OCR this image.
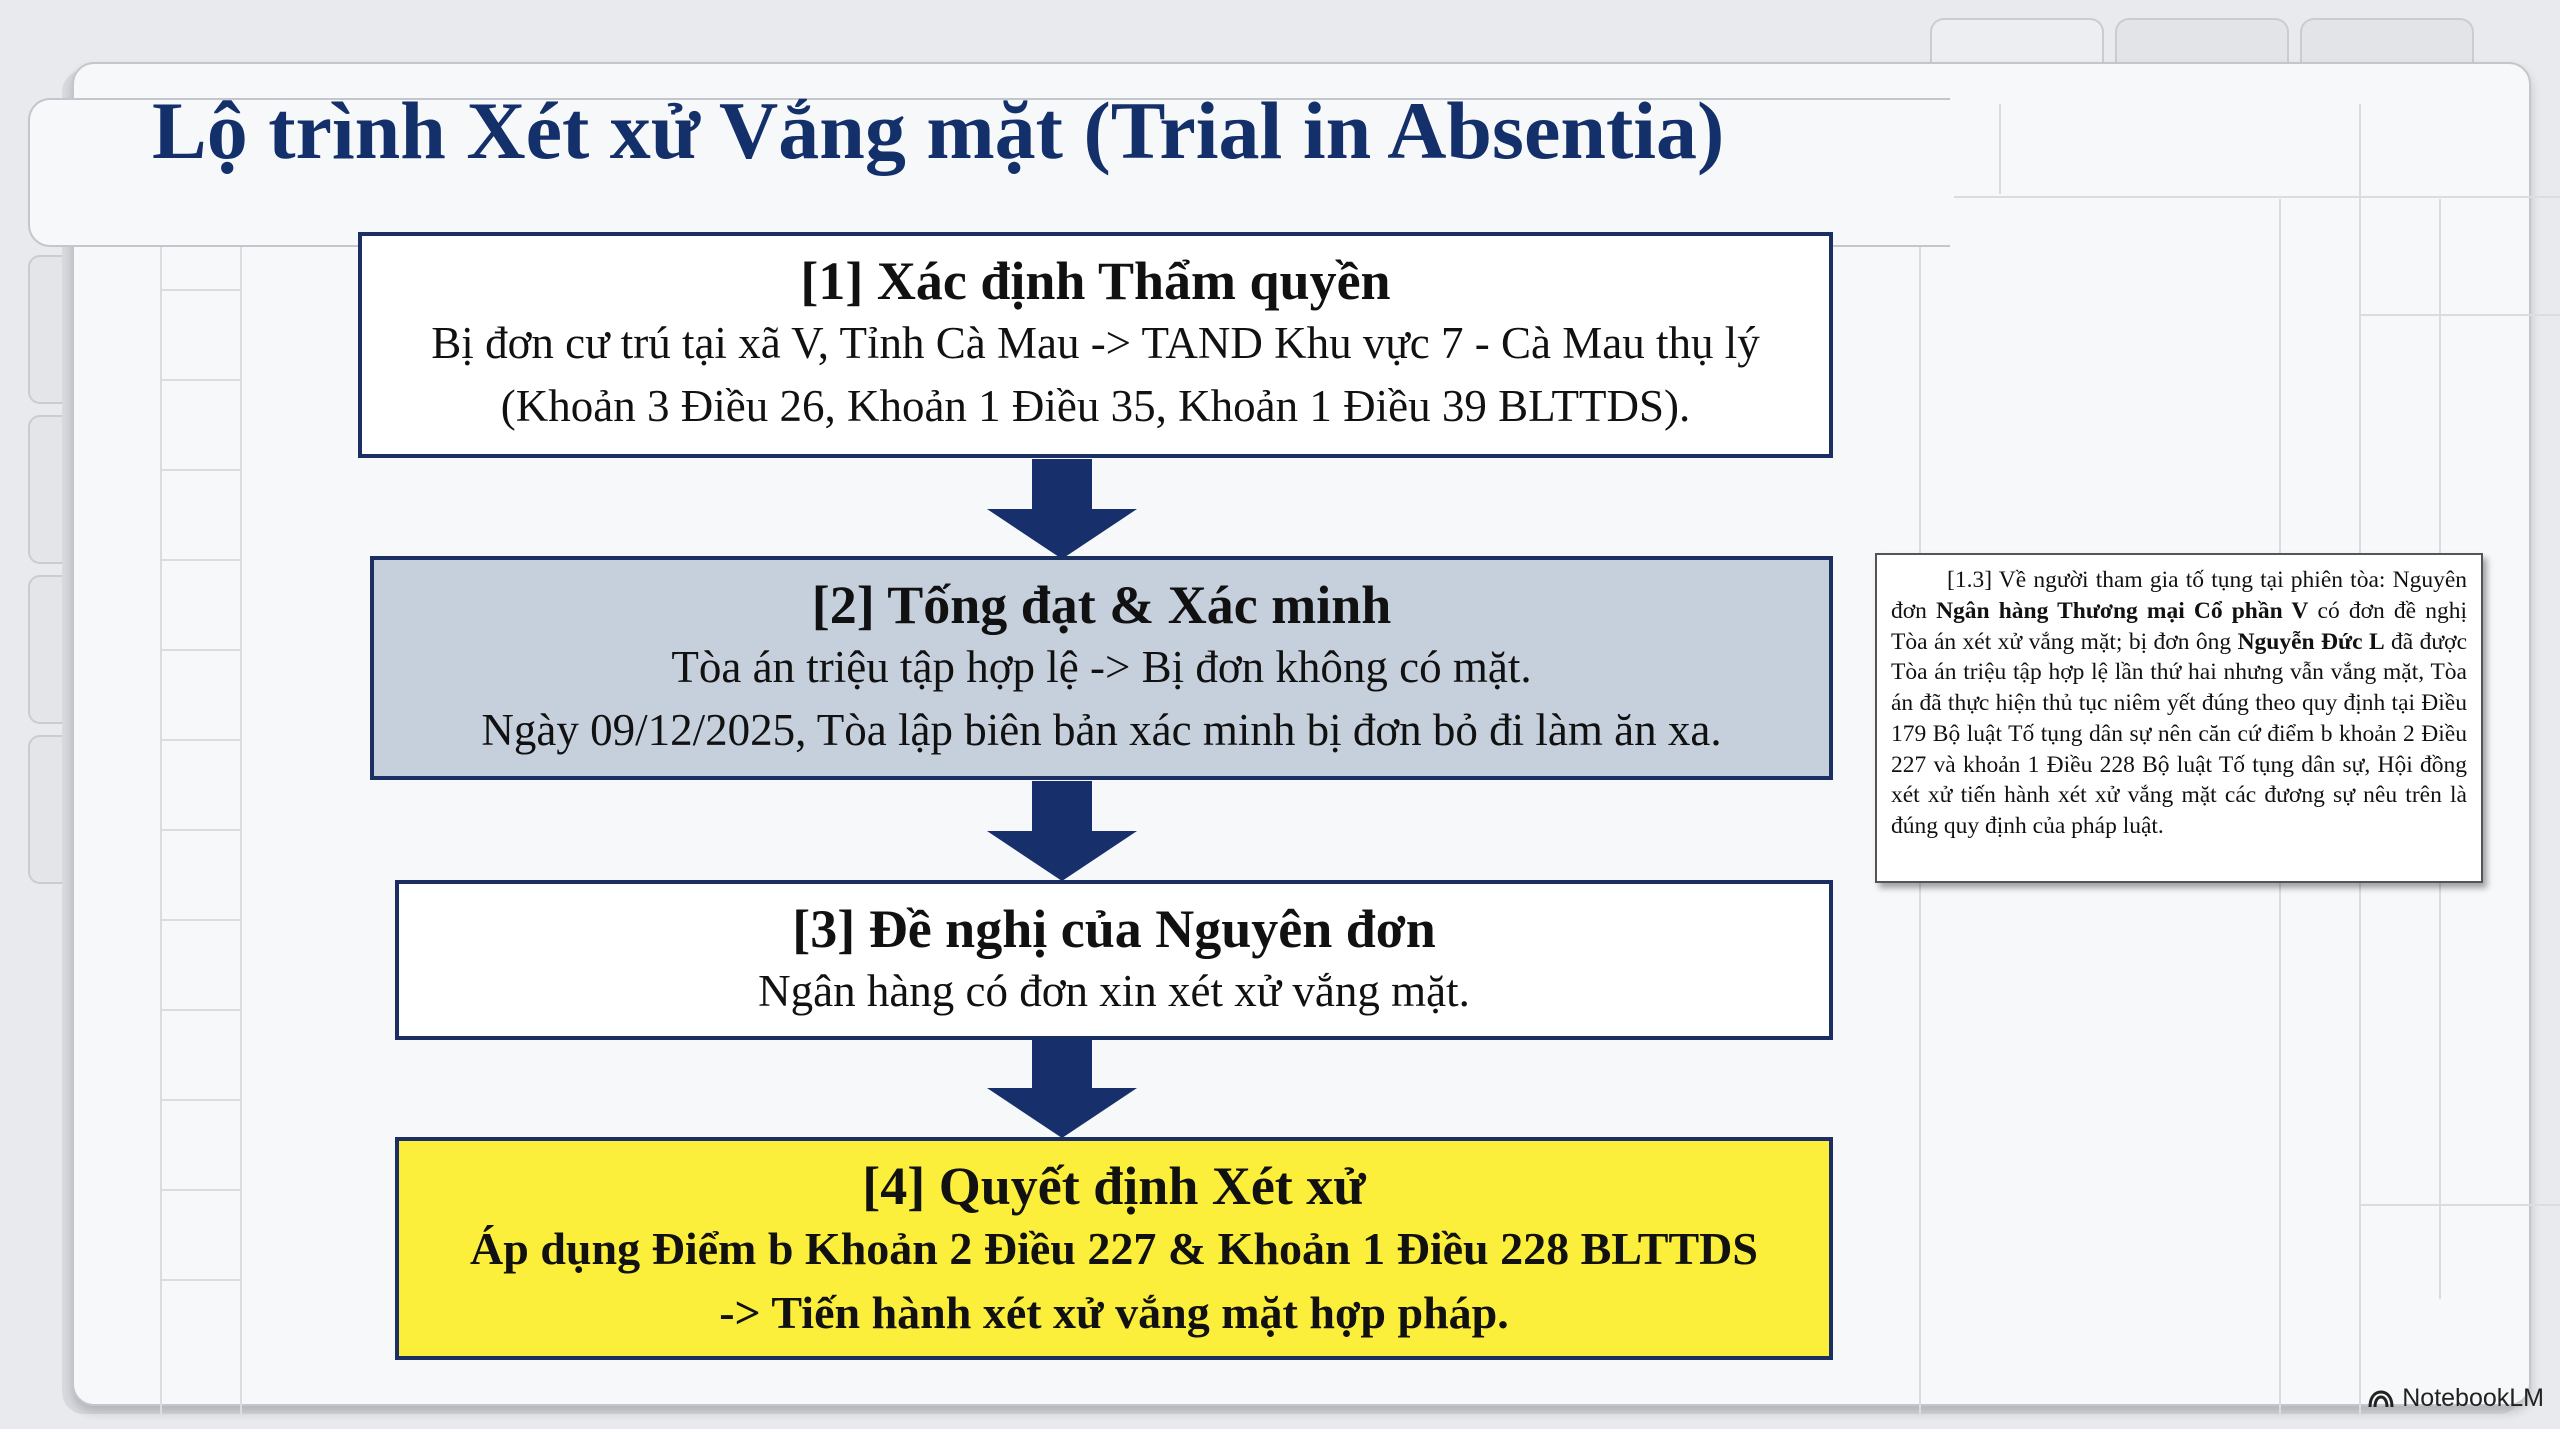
Lộ trình Xét xử Vắng mặt (Trial in Absentia)
[1] Xác định Thẩm quyền
Bị đơn cư trú tại xã V, Tỉnh Cà Mau -> TAND Khu vực 7 - Cà Mau thụ lý
(Khoản 3 Điều 26, Khoản 1 Điều 35, Khoản 1 Điều 39 BLTTDS).
[2] Tống đạt & Xác minh
Tòa án triệu tập hợp lệ -> Bị đơn không có mặt.
Ngày 09/12/2025, Tòa lập biên bản xác minh bị đơn bỏ đi làm ăn xa.
[3] Đề nghị của Nguyên đơn
Ngân hàng có đơn xin xét xử vắng mặt.
[4] Quyết định Xét xử
Áp dụng Điểm b Khoản 2 Điều 227 & Khoản 1 Điều 228 BLTTDS
-> Tiến hành xét xử vắng mặt hợp pháp.
[1.3] Về người tham gia tố tụng tại phiên tòa: Nguyên đơn Ngân hàng Thương mại Cổ phần V có đơn đề nghị Tòa án xét xử vắng mặt; bị đơn ông Nguyễn Đức L đã được Tòa án triệu tập hợp lệ lần thứ hai nhưng vẫn vắng mặt, Tòa án đã thực hiện thủ tục niêm yết đúng theo quy định tại Điều 179 Bộ luật Tố tụng dân sự nên căn cứ điểm b khoản 2 Điều 227 và khoản 1 Điều 228 Bộ luật Tố tụng dân sự, Hội đồng xét xử tiến hành xét xử vắng mặt các đương sự nêu trên là đúng quy định của pháp luật.
NotebookLM
